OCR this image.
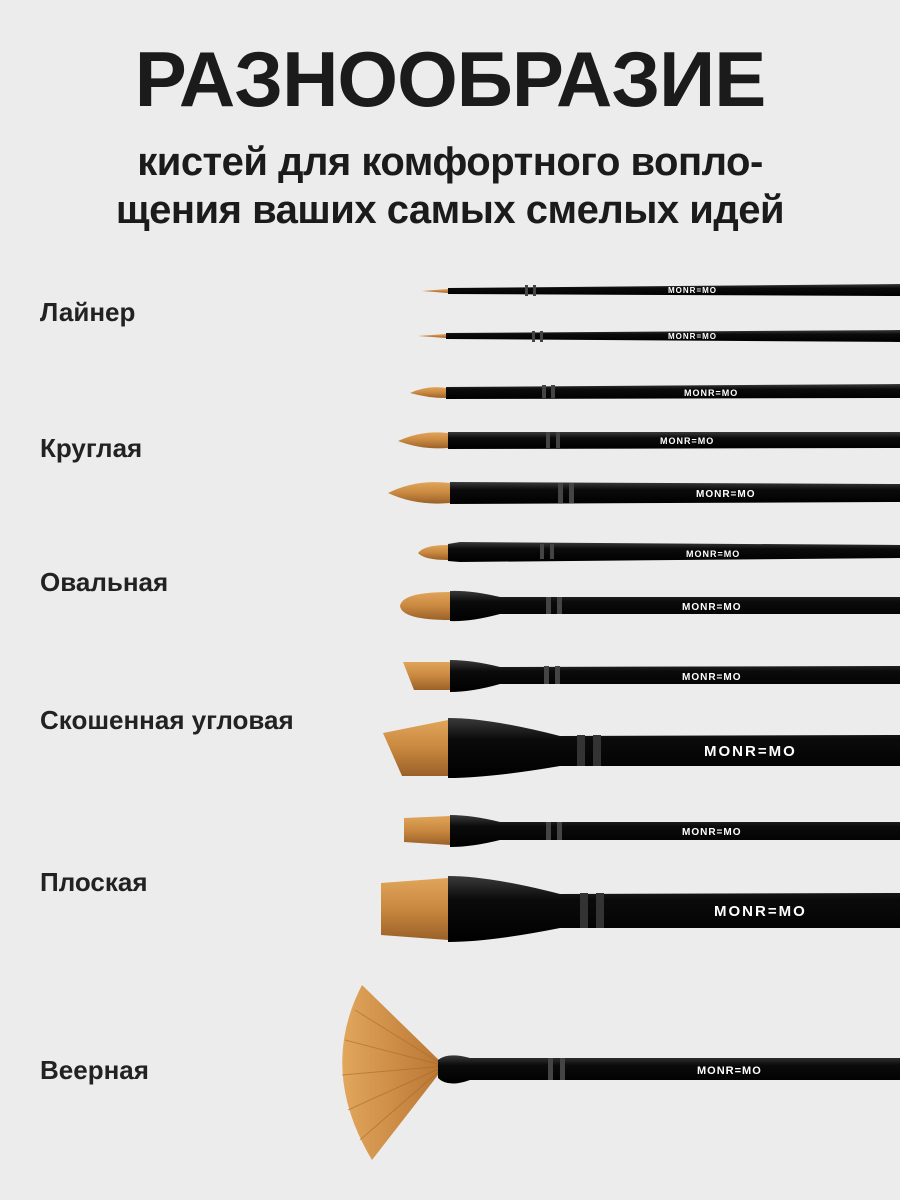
РАЗНООБРАЗИЕ
кистей для комфортного вопло-
щения ваших самых смелых идей
Лайнер
Круглая
Овальная
Скошенная угловая
Плоская
Веерная
MONR=MO
MONR=MO
MONR=MO
MONR=MO
MONR=MO
MONR=MO
MONR=MO
MONR=MO
MONR=MO
MONR=MO
MONR=MO
MONR=MO
